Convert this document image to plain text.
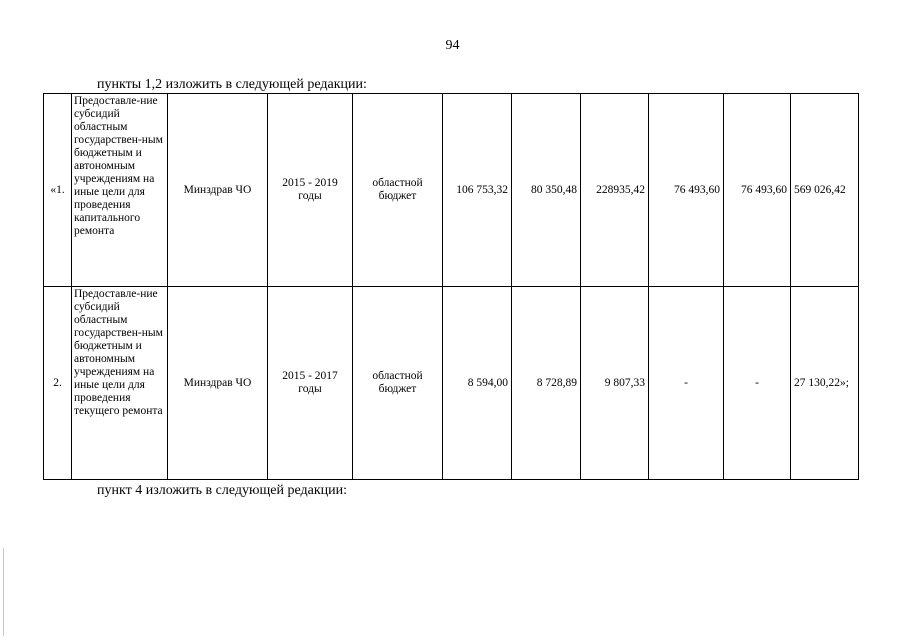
94
пункты 1,2 изложить в следующей редакции:
«1.	Предоставле-ние субсидий областным государствен-ным бюджетным и автономным учреждениям на иные цели для проведения капитального ремонта	Минздрав ЧО	2015 - 2019 годы	областной бюджет	106 753,32	80 350,48	228935,42	76 493,60	76 493,60	569 026,42
2.	Предоставле-ние субсидий областным государствен-ным бюджетным и автономным учреждениям на иные цели для проведения текущего ремонта	Минздрав ЧО	2015 - 2017 годы	областной бюджет	8 594,00	8 728,89	9 807,33	-	-	27 130,22»;
пункт 4 изложить в следующей редакции:
